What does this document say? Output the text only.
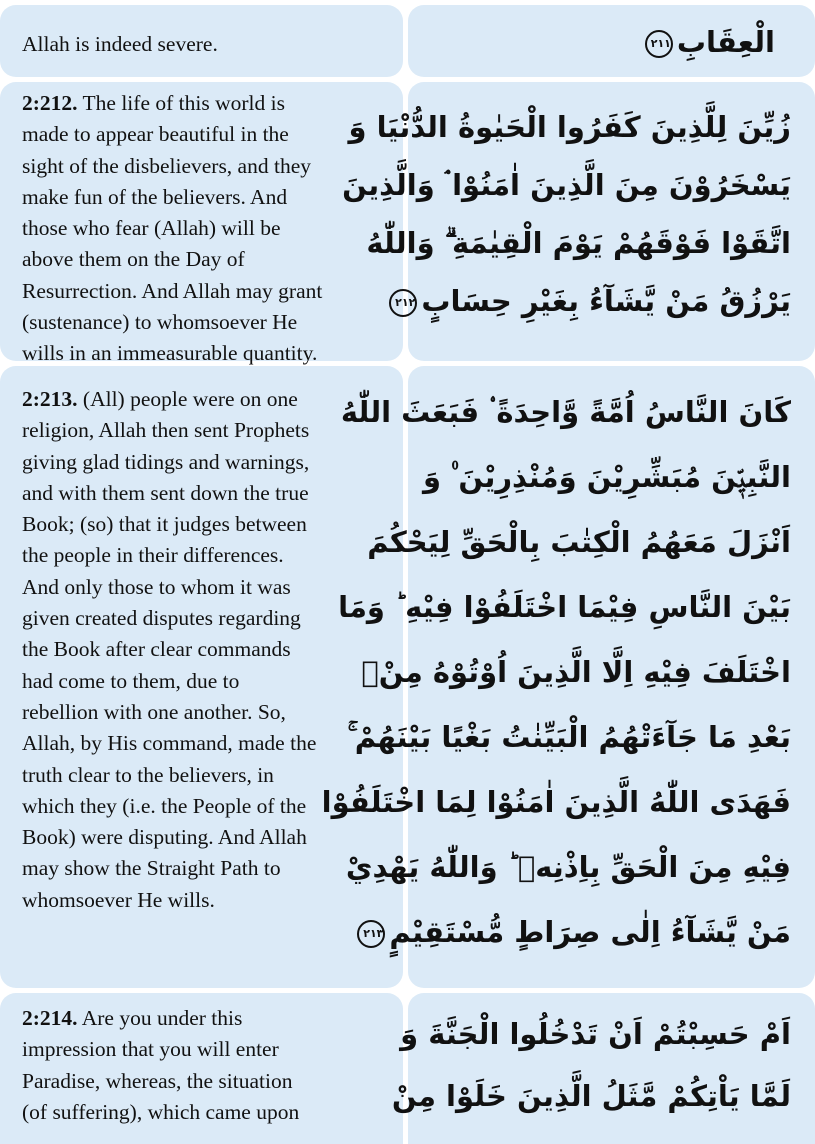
Allah is indeed severe.	الْعِقَابِ٢١١
2:212. The life of this world is
made to appear beautiful in the
sight of the disbelievers, and they
make fun of the believers. And
those who fear (Allah) will be
above them on the Day of
Resurrection. And Allah may grant
(sustenance) to whomsoever He
wills in an immeasurable quantity.
زُيِّنَ لِلَّذِينَ كَفَرُوا الْحَيٰوةُ الدُّنْيَا وَ
يَسْخَرُوْنَ مِنَ الَّذِينَ اٰمَنُوْا ۘ وَالَّذِينَ
اتَّقَوْا فَوْقَهُمْ يَوْمَ الْقِيٰمَةِ ۗ وَاللّٰهُ
يَرْزُقُ مَنْ يَّشَآءُ بِغَيْرِ حِسَابٍ٢١٢
2:213. (All) people were on one
religion, Allah then sent Prophets
giving glad tidings and warnings,
and with them sent down the true
Book; (so) that it judges between
the people in their differences.
And only those to whom it was
given created disputes regarding
the Book after clear commands
had come to them, due to
rebellion with one another. So,
Allah, by His command, made the
truth clear to the believers, in
which they (i.e. the People of the
Book) were disputing. And Allah
may show the Straight Path to
whomsoever He wills.
كَانَ النَّاسُ اُمَّةً وَّاحِدَةً ۟ فَبَعَثَ اللّٰهُ
النَّبِيّٖنَ مُبَشِّرِيْنَ وَمُنْذِرِيْنَ ۠ وَ
اَنْزَلَ مَعَهُمُ الْكِتٰبَ بِالْحَقِّ لِيَحْكُمَ
بَيْنَ النَّاسِ فِيْمَا اخْتَلَفُوْا فِيْهِ ؕ وَمَا
اخْتَلَفَ فِيْهِ اِلَّا الَّذِينَ اُوْتُوْهُ مِنْۢ
بَعْدِ مَا جَآءَتْهُمُ الْبَيِّنٰتُ بَغْيًا بَيْنَهُمْ ۚ
فَهَدَى اللّٰهُ الَّذِينَ اٰمَنُوْا لِمَا اخْتَلَفُوْا
فِيْهِ مِنَ الْحَقِّ بِاِذْنِهٖ ؕ وَاللّٰهُ يَهْدِيْ
مَنْ يَّشَآءُ اِلٰى صِرَاطٍ مُّسْتَقِيْمٍ٢١٣
2:214. Are you under this
impression that you will enter
Paradise, whereas, the situation
(of suffering), which came upon
اَمْ حَسِبْتُمْ اَنْ تَدْخُلُوا الْجَنَّةَ وَ
لَمَّا يَاْتِكُمْ مَّثَلُ الَّذِينَ خَلَوْا مِنْ
